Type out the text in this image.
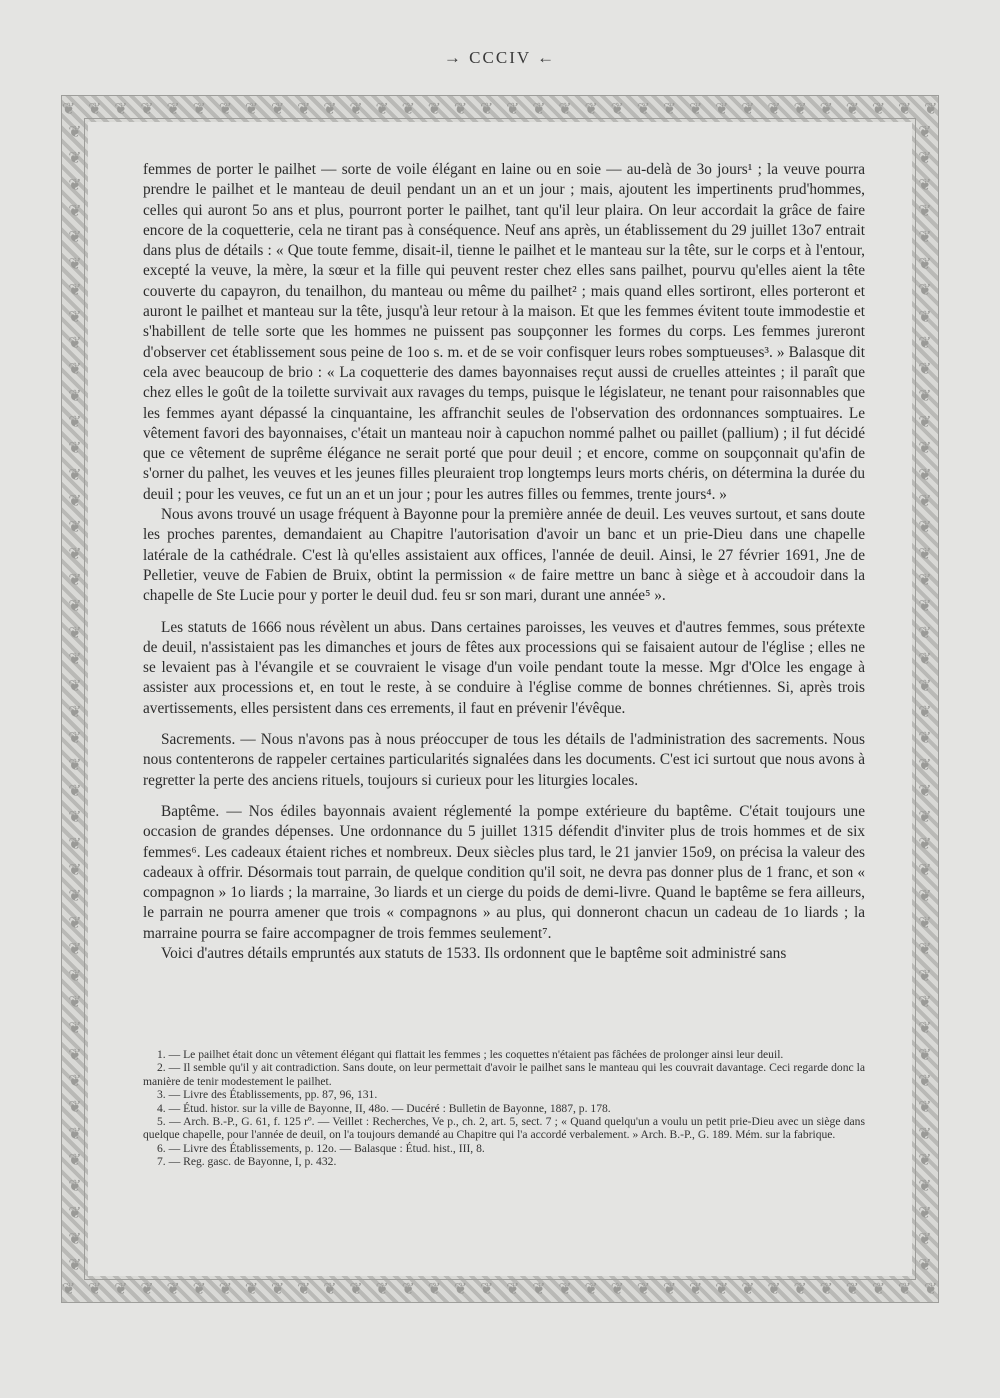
→ CCCIV ←
❦ ❦ ❦ ❦ ❦ ❦ ❦ ❦ ❦ ❦ ❦ ❦ ❦ ❦ ❦ ❦ ❦ ❦ ❦ ❦ ❦ ❦ ❦ ❦ ❦ ❦ ❦ ❦ ❦ ❦ ❦ ❦ ❦ ❦
❦ ❦ ❦ ❦ ❦ ❦ ❦ ❦ ❦ ❦ ❦ ❦ ❦ ❦ ❦ ❦ ❦ ❦ ❦ ❦ ❦ ❦ ❦ ❦ ❦ ❦ ❦ ❦ ❦ ❦ ❦ ❦ ❦ ❦
❦
❦
❦
❦
❦
❦
❦
❦
❦
❦
❦
❦
❦
❦
❦
❦
❦
❦
❦
❦
❦
❦
❦
❦
❦
❦
❦
❦
❦
❦
❦
❦
❦
❦
❦
❦
❦
❦
❦
❦
❦
❦
❦
❦
❦
❦
❦
❦
❦
❦
❦
❦
❦
❦
❦
❦
❦
❦
❦
❦
❦
❦
❦
❦
❦
❦
❦
❦
❦
❦
❦
❦
❦
❦
❦
❦
❦
❦
❦
❦
❦
❦
❦
❦
❦
❦
❦
❦

femmes de porter le pailhet — sorte de voile élégant en laine ou en soie — au-delà de 3o jours¹ ; la veuve pourra prendre le pailhet et le manteau de deuil pendant un an et un jour ; mais, ajoutent les impertinents prud'hommes, celles qui auront 5o ans et plus, pourront porter le pailhet, tant qu'il leur plaira. On leur accordait la grâce de faire encore de la coquetterie, cela ne tirant pas à conséquence. Neuf ans après, un établissement du 29 juillet 13o7 entrait dans plus de détails : « Que toute femme, disait-il, tienne le pailhet et le manteau sur la tête, sur le corps et à l'entour, excepté la veuve, la mère, la sœur et la fille qui peuvent rester chez elles sans pailhet, pourvu qu'elles aient la tête couverte du capayron, du tenailhon, du manteau ou même du pailhet² ; mais quand elles sortiront, elles porteront et auront le pailhet et manteau sur la tête, jusqu'à leur retour à la maison. Et que les femmes évitent toute immodestie et s'habillent de telle sorte que les hommes ne puissent pas soupçonner les formes du corps. Les femmes jureront d'observer cet établissement sous peine de 1oo s. m. et de se voir confisquer leurs robes somptueuses³. » Balasque dit cela avec beaucoup de brio : « La coquetterie des dames bayonnaises reçut aussi de cruelles atteintes ; il paraît que chez elles le goût de la toilette survivait aux ravages du temps, puisque le législateur, ne tenant pour raisonnables que les femmes ayant dépassé la cinquantaine, les affranchit seules de l'observation des ordonnances somptuaires. Le vêtement favori des bayonnaises, c'était un manteau noir à capuchon nommé palhet ou paillet (pallium) ; il fut décidé que ce vêtement de suprême élégance ne serait porté que pour deuil ; et encore, comme on soupçonnait qu'afin de s'orner du palhet, les veuves et les jeunes filles pleuraient trop longtemps leurs morts chéris, on détermina la durée du deuil ; pour les veuves, ce fut un an et un jour ; pour les autres filles ou femmes, trente jours⁴. »

Nous avons trouvé un usage fréquent à Bayonne pour la première année de deuil. Les veuves surtout, et sans doute les proches parentes, demandaient au Chapitre l'autorisation d'avoir un banc et un prie-Dieu dans une chapelle latérale de la cathédrale. C'est là qu'elles assistaient aux offices, l'année de deuil. Ainsi, le 27 février 1691, Jne de Pelletier, veuve de Fabien de Bruix, obtint la permission « de faire mettre un banc à siège et à accoudoir dans la chapelle de Ste Lucie pour y porter le deuil dud. feu sr son mari, durant une année⁵ ».

Les statuts de 1666 nous révèlent un abus. Dans certaines paroisses, les veuves et d'autres femmes, sous prétexte de deuil, n'assistaient pas les dimanches et jours de fêtes aux processions qui se faisaient autour de l'église ; elles ne se levaient pas à l'évangile et se couvraient le visage d'un voile pendant toute la messe. Mgr d'Olce les engage à assister aux processions et, en tout le reste, à se conduire à l'église comme de bonnes chrétiennes. Si, après trois avertissements, elles persistent dans ces errements, il faut en prévenir l'évêque.

Sacrements. — Nous n'avons pas à nous préoccuper de tous les détails de l'administration des sacrements. Nous nous contenterons de rappeler certaines particularités signalées dans les documents. C'est ici surtout que nous avons à regretter la perte des anciens rituels, toujours si curieux pour les liturgies locales.

Baptême. — Nos édiles bayonnais avaient réglementé la pompe extérieure du baptême. C'était toujours une occasion de grandes dépenses. Une ordonnance du 5 juillet 1315 défendit d'inviter plus de trois hommes et de six femmes⁶. Les cadeaux étaient riches et nombreux. Deux siècles plus tard, le 21 janvier 15o9, on précisa la valeur des cadeaux à offrir. Désormais tout parrain, de quelque condition qu'il soit, ne devra pas donner plus de 1 franc, et son « compagnon » 1o liards ; la marraine, 3o liards et un cierge du poids de demi-livre. Quand le baptême se fera ailleurs, le parrain ne pourra amener que trois « compagnons » au plus, qui donneront chacun un cadeau de 1o liards ; la marraine pourra se faire accompagner de trois femmes seulement⁷.

Voici d'autres détails empruntés aux statuts de 1533. Ils ordonnent que le baptême soit administré sans

1. — Le pailhet était donc un vêtement élégant qui flattait les femmes ; les coquettes n'étaient pas fâchées de prolonger ainsi leur deuil.

2. — Il semble qu'il y ait contradiction. Sans doute, on leur permettait d'avoir le pailhet sans le manteau qui les couvrait davantage. Ceci regarde donc la manière de tenir modestement le pailhet.

3. — Livre des Établissements, pp. 87, 96, 131.

4. — Étud. histor. sur la ville de Bayonne, II, 48o. — Ducéré : Bulletin de Bayonne, 1887, p. 178.

5. — Arch. B.-P., G. 61, f. 125 rº. — Veillet : Recherches, Ve p., ch. 2, art. 5, sect. 7 ; « Quand quelqu'un a voulu un petit prie-Dieu avec un siège dans quelque chapelle, pour l'année de deuil, on l'a toujours demandé au Chapitre qui l'a accordé verbalement. » Arch. B.-P., G. 189. Mém. sur la fabrique.

6. — Livre des Établissements, p. 12o. — Balasque : Étud. hist., III, 8.

7. — Reg. gasc. de Bayonne, I, p. 432.
